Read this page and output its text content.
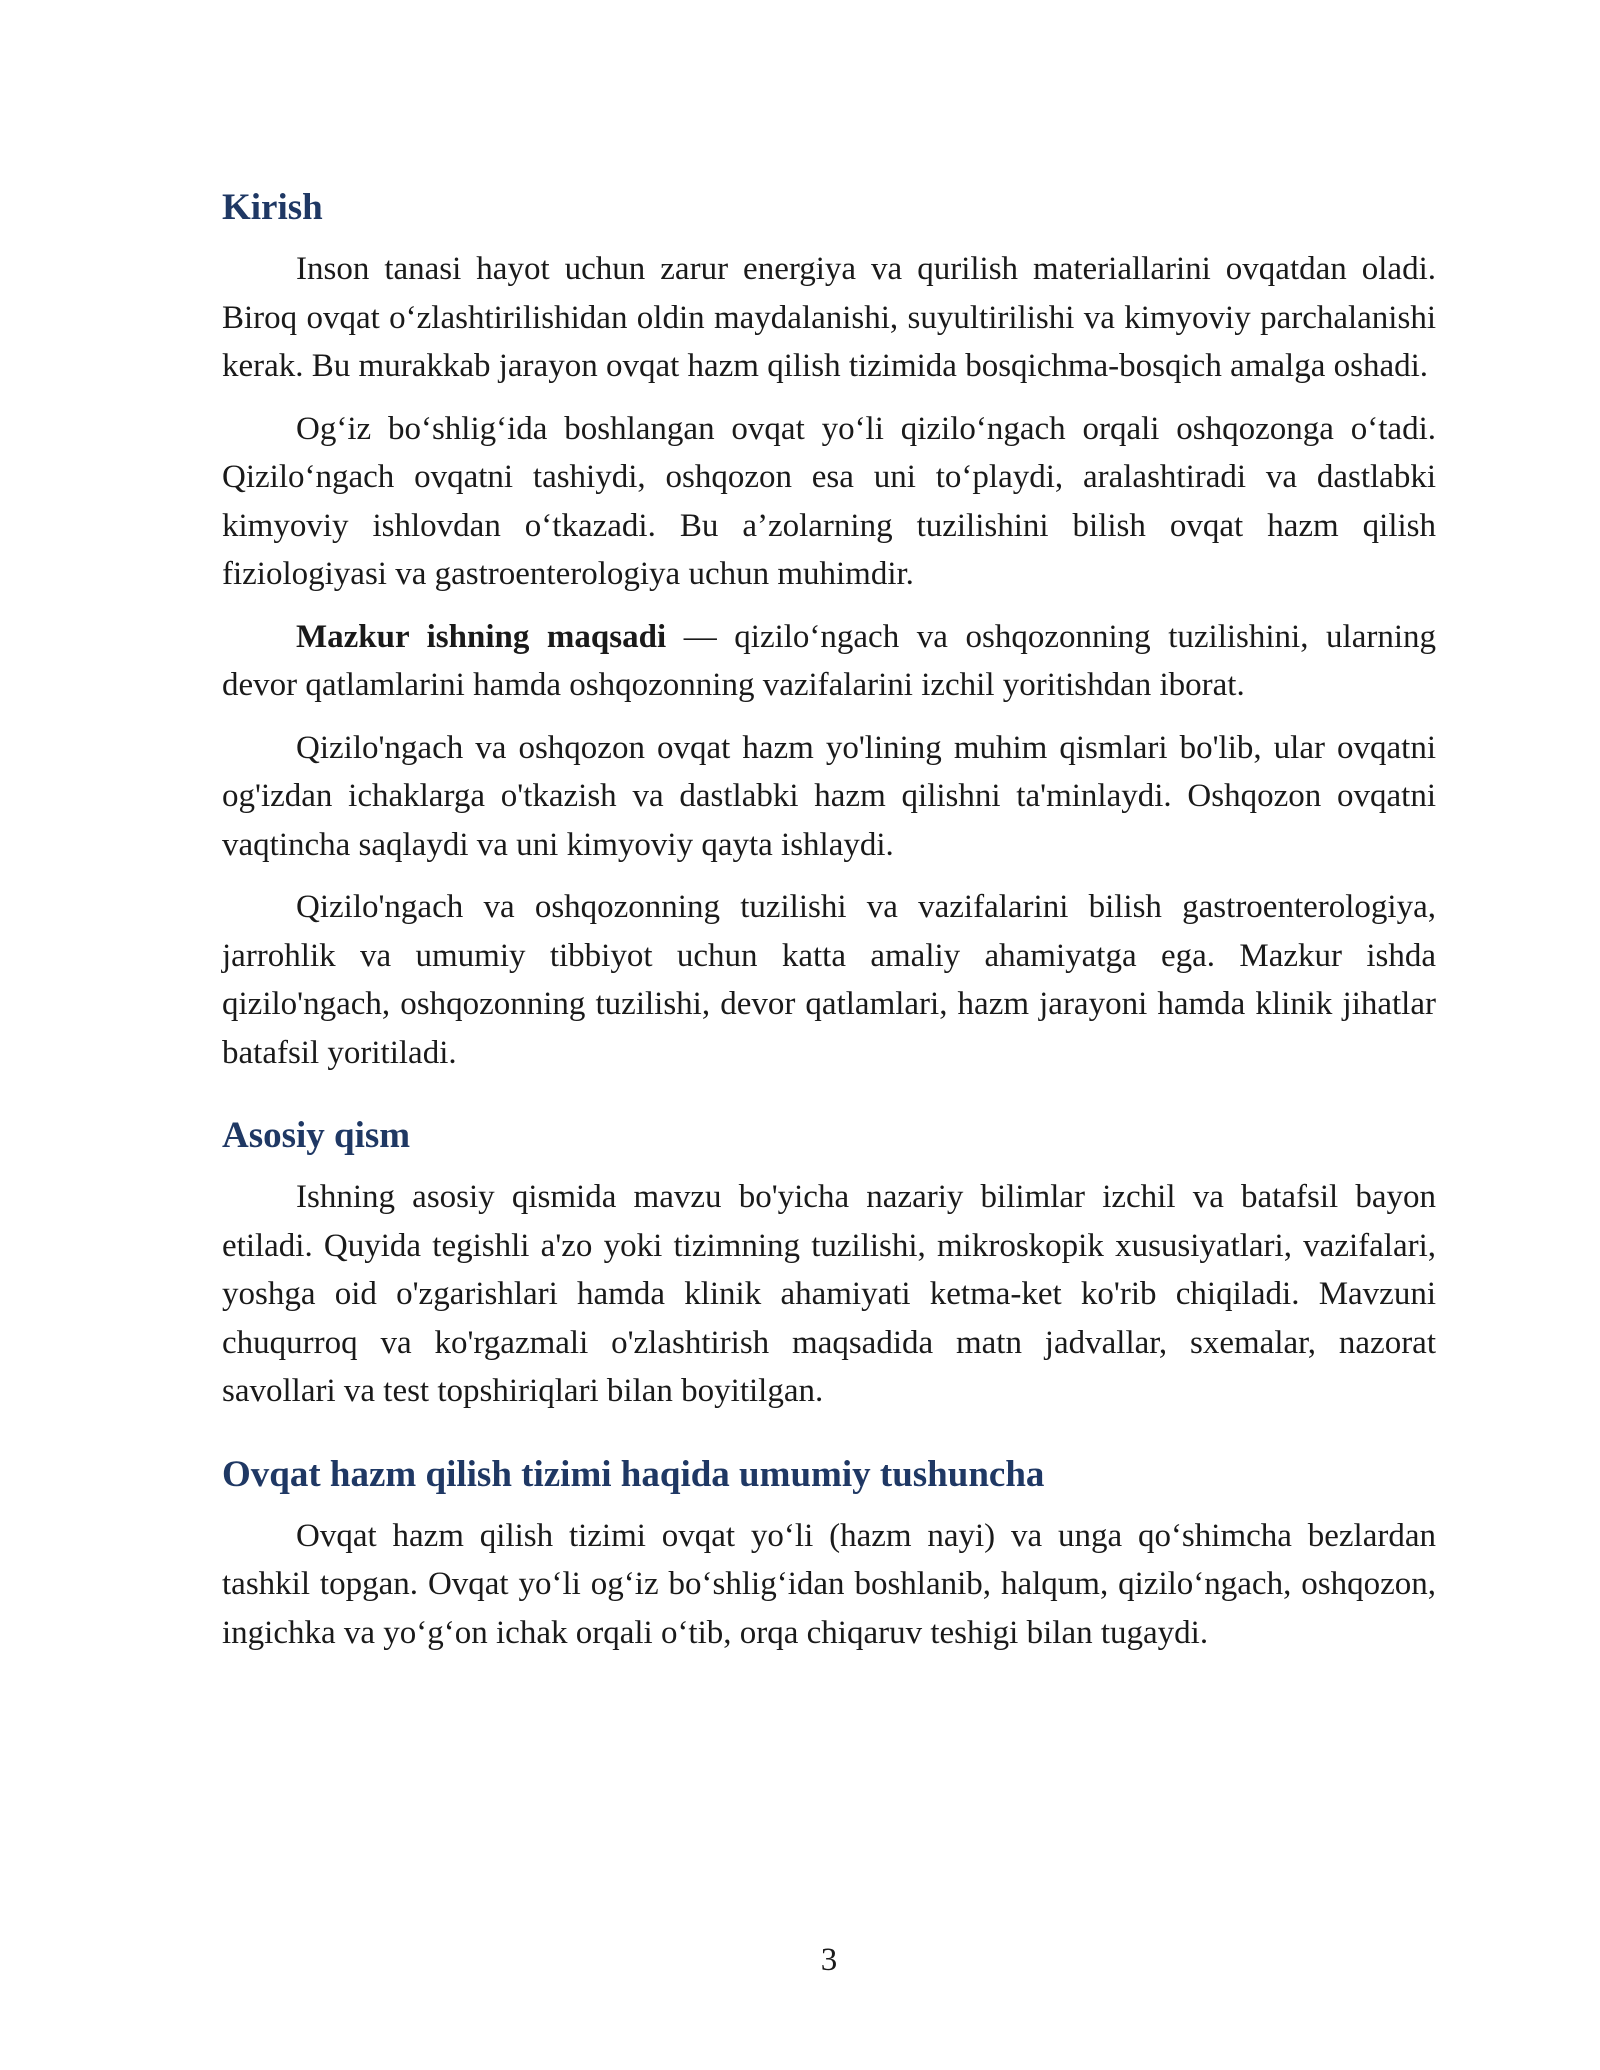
Kirish

Inson tanasi hayot uchun zarur energiya va qurilish materiallarini ovqatdan oladi. Biroq ovqat o‘zlashtirilishidan oldin maydalanishi, suyultirilishi va kimyoviy parchalanishi kerak. Bu murakkab jarayon ovqat hazm qilish tizimida bosqichma-bosqich amalga oshadi.

Og‘iz bo‘shlig‘ida boshlangan ovqat yo‘li qizilo‘ngach orqali oshqozonga o‘tadi. Qizilo‘ngach ovqatni tashiydi, oshqozon esa uni to‘playdi, aralashtiradi va dastlabki kimyoviy ishlovdan o‘tkazadi. Bu a’zolarning tuzilishini bilish ovqat hazm qilish fiziologiyasi va gastroenterologiya uchun muhimdir.

Mazkur ishning maqsadi — qizilo‘ngach va oshqozonning tuzilishini, ularning devor qatlamlarini hamda oshqozonning vazifalarini izchil yoritishdan iborat.

Qizilo'ngach va oshqozon ovqat hazm yo'lining muhim qismlari bo'lib, ular ovqatni og'izdan ichaklarga o'tkazish va dastlabki hazm qilishni ta'minlaydi. Oshqozon ovqatni vaqtincha saqlaydi va uni kimyoviy qayta ishlaydi.

Qizilo'ngach va oshqozonning tuzilishi va vazifalarini bilish gastroenterologiya, jarrohlik va umumiy tibbiyot uchun katta amaliy ahamiyatga ega. Mazkur ishda qizilo'ngach, oshqozonning tuzilishi, devor qatlamlari, hazm jarayoni hamda klinik jihatlar batafsil yoritiladi.

Asosiy qism

Ishning asosiy qismida mavzu bo'yicha nazariy bilimlar izchil va batafsil bayon etiladi. Quyida tegishli a'zo yoki tizimning tuzilishi, mikroskopik xususiyatlari, vazifalari, yoshga oid o'zgarishlari hamda klinik ahamiyati ketma-ket ko'rib chiqiladi. Mavzuni chuqurroq va ko'rgazmali o'zlashtirish maqsadida matn jadvallar, sxemalar, nazorat savollari va test topshiriqlari bilan boyitilgan.

Ovqat hazm qilish tizimi haqida umumiy tushuncha

Ovqat hazm qilish tizimi ovqat yo‘li (hazm nayi) va unga qo‘shimcha bezlardan tashkil topgan. Ovqat yo‘li og‘iz bo‘shlig‘idan boshlanib, halqum, qizilo‘ngach, oshqozon, ingichka va yo‘g‘on ichak orqali o‘tib, orqa chiqaruv teshigi bilan tugaydi.

3
